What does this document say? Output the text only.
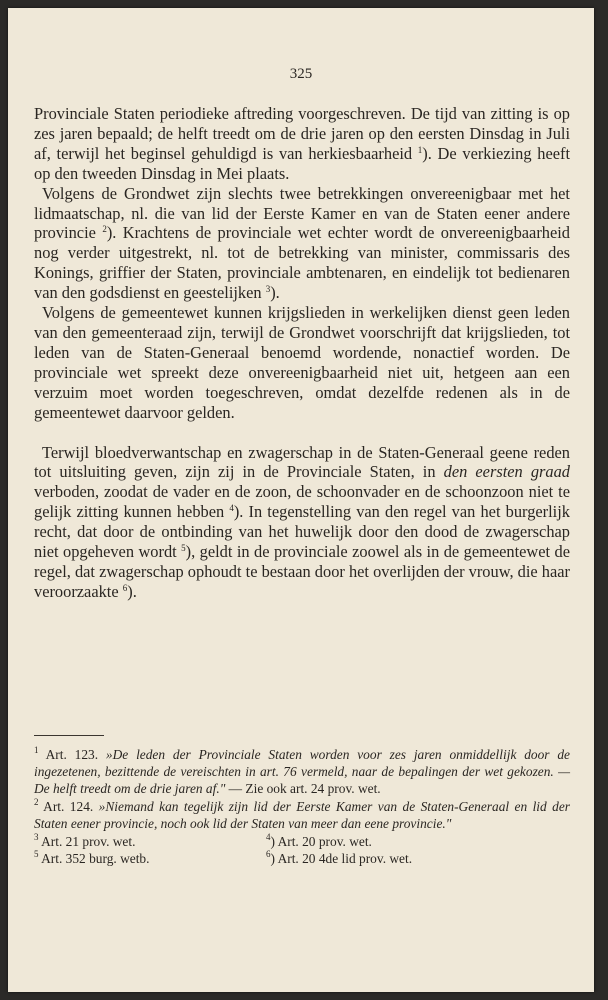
325

Provinciale Staten periodieke aftreding voorgeschreven. De tijd van zitting is op zes jaren bepaald; de helft treedt om de drie jaren op den eersten Dinsdag in Juli af, terwijl het beginsel gehuldigd is van herkiesbaarheid $^1$). De verkiezing heeft op den tweeden Dinsdag in Mei plaats.

Volgens de Grondwet zijn slechts twee betrekkingen onvereenigbaar met het lidmaatschap, nl. die van lid der Eerste Kamer en van de Staten eener andere provincie $^2$). Krachtens de provinciale wet echter wordt de onvereenigbaarheid nog verder uitgestrekt, nl. tot de betrekking van minister, commissaris des Konings, griffier der Staten, provinciale ambtenaren, en eindelijk tot bedienaren van den godsdienst en geestelijken $^3$).

Volgens de gemeentewet kunnen krijgslieden in werkelijken dienst geen leden van den gemeenteraad zijn, terwijl de Grondwet voorschrijft dat krijgslieden, tot leden van de Staten-Generaal benoemd wordende, nonactief worden. De provinciale wet spreekt deze onvereenigbaarheid niet uit, hetgeen aan een verzuim moet worden toegeschreven, omdat dezelfde redenen als in de gemeentewet daarvoor gelden.

Terwijl bloedverwantschap en zwagerschap in de Staten-Generaal geene reden tot uitsluiting geven, zijn zij in de Provinciale Staten, in den eersten graad verboden, zoodat de vader en de zoon, de schoonvader en de schoonzoon niet te gelijk zitting kunnen hebben $^4$). In tegenstelling van den regel van het burgerlijk recht, dat door de ontbinding van het huwelijk door den dood de zwagerschap niet opgeheven wordt $^5$), geldt in de provinciale zoowel als in de gemeentewet de regel, dat zwagerschap ophoudt te bestaan door het overlijden der vrouw, die haar veroorzaakte $^6$).

$^1$ Art. 123. »De leden der Provinciale Staten worden voor zes jaren onmiddellijk door de ingezetenen, bezittende de vereischten in art. 76 vermeld, naar de bepalingen der wet gekozen. — De helft treedt om de drie jaren af." — Zie ook art. 24 prov. wet.

$^2$ Art. 124. »Niemand kan tegelijk zijn lid der Eerste Kamer van de Staten-Generaal en lid der Staten eener provincie, noch ook lid der Staten van meer dan eene provincie."

$^3$ Art. 21 prov. wet.	$^4$) Art. 20 prov. wet.
$^5$ Art. 352 burg. wetb.	$^6$) Art. 20 4de lid prov. wet.
